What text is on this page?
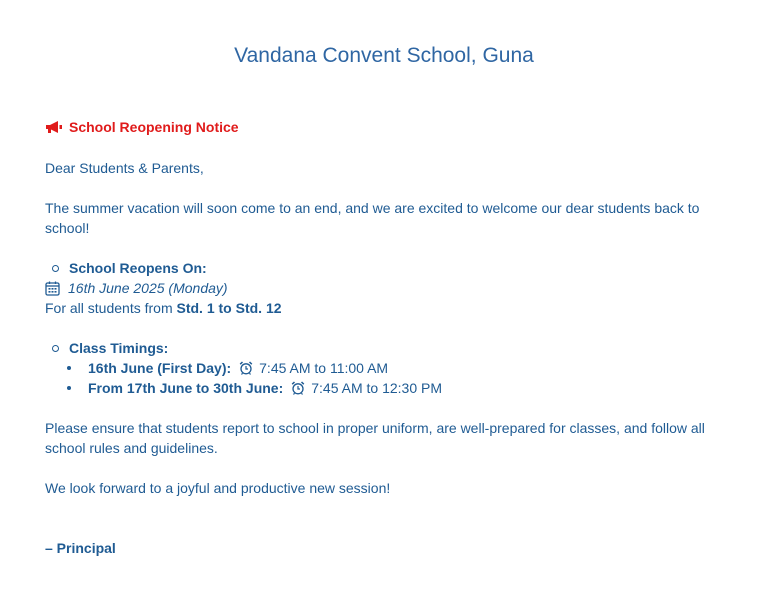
Vandana Convent School, Guna
School Reopening Notice

Dear Students & Parents,

The summer vacation will soon come to an end, and we are excited to welcome our dear students back to school!

School Reopens On:
16th June 2025 (Monday)

For all students from Std. 1 to Std. 12

Class Timings:
16th June (First Day): 7:45 AM to 11:00 AM
From 17th June to 30th June: 7:45 AM to 12:30 PM

Please ensure that students report to school in proper uniform, are well-prepared for classes, and follow all school rules and guidelines.

We look forward to a joyful and productive new session!

– Principal
